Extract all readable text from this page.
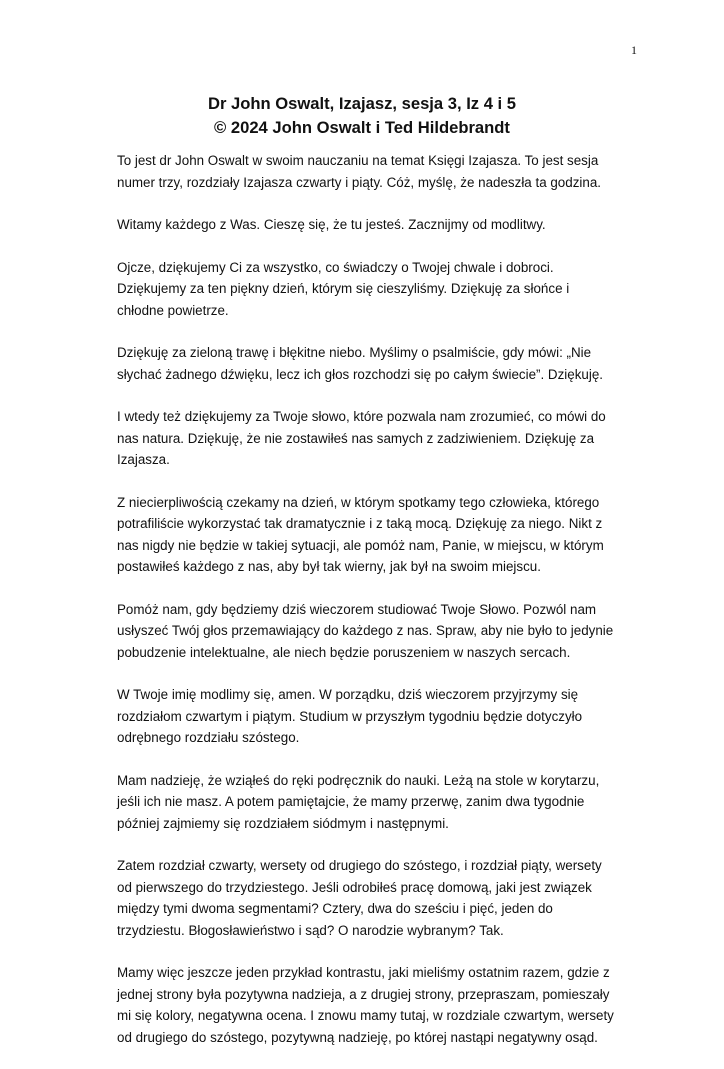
1
Dr John Oswalt, Izajasz, sesja 3, Iz 4 i 5
© 2024 John Oswalt i Ted Hildebrandt

To jest dr John Oswalt w swoim nauczaniu na temat Księgi Izajasza. To jest sesja numer trzy, rozdziały Izajasza czwarty i piąty. Cóż, myślę, że nadeszła ta godzina.

Witamy każdego z Was. Cieszę się, że tu jesteś. Zacznijmy od modlitwy.

Ojcze, dziękujemy Ci za wszystko, co świadczy o Twojej chwale i dobroci. Dziękujemy za ten piękny dzień, którym się cieszyliśmy. Dziękuję za słońce i chłodne powietrze.

Dziękuję za zieloną trawę i błękitne niebo. Myślimy o psalmiście, gdy mówi: „Nie słychać żadnego dźwięku, lecz ich głos rozchodzi się po całym świecie”. Dziękuję.

I wtedy też dziękujemy za Twoje słowo, które pozwala nam zrozumieć, co mówi do nas natura. Dziękuję, że nie zostawiłeś nas samych z zadziwieniem. Dziękuję za Izajasza.

Z niecierpliwością czekamy na dzień, w którym spotkamy tego człowieka, którego potrafiliście wykorzystać tak dramatycznie i z taką mocą. Dziękuję za niego. Nikt z nas nigdy nie będzie w takiej sytuacji, ale pomóż nam, Panie, w miejscu, w którym postawiłeś każdego z nas, aby był tak wierny, jak był na swoim miejscu.

Pomóż nam, gdy będziemy dziś wieczorem studiować Twoje Słowo. Pozwól nam usłyszeć Twój głos przemawiający do każdego z nas. Spraw, aby nie było to jedynie pobudzenie intelektualne, ale niech będzie poruszeniem w naszych sercach.

W Twoje imię modlimy się, amen. W porządku, dziś wieczorem przyjrzymy się rozdziałom czwartym i piątym. Studium w przyszłym tygodniu będzie dotyczyło odrębnego rozdziału szóstego.

Mam nadzieję, że wziąłeś do ręki podręcznik do nauki. Leżą na stole w korytarzu, jeśli ich nie masz. A potem pamiętajcie, że mamy przerwę, zanim dwa tygodnie później zajmiemy się rozdziałem siódmym i następnymi.

Zatem rozdział czwarty, wersety od drugiego do szóstego, i rozdział piąty, wersety od pierwszego do trzydziestego. Jeśli odrobiłeś pracę domową, jaki jest związek między tymi dwoma segmentami? Cztery, dwa do sześciu i pięć, jeden do trzydziestu. Błogosławieństwo i sąd? O narodzie wybranym? Tak.

Mamy więc jeszcze jeden przykład kontrastu, jaki mieliśmy ostatnim razem, gdzie z jednej strony była pozytywna nadzieja, a z drugiej strony, przepraszam, pomieszały mi się kolory, negatywna ocena. I znowu mamy tutaj, w rozdziale czwartym, wersety od drugiego do szóstego, pozytywną nadzieję, po której nastąpi negatywny osąd.
